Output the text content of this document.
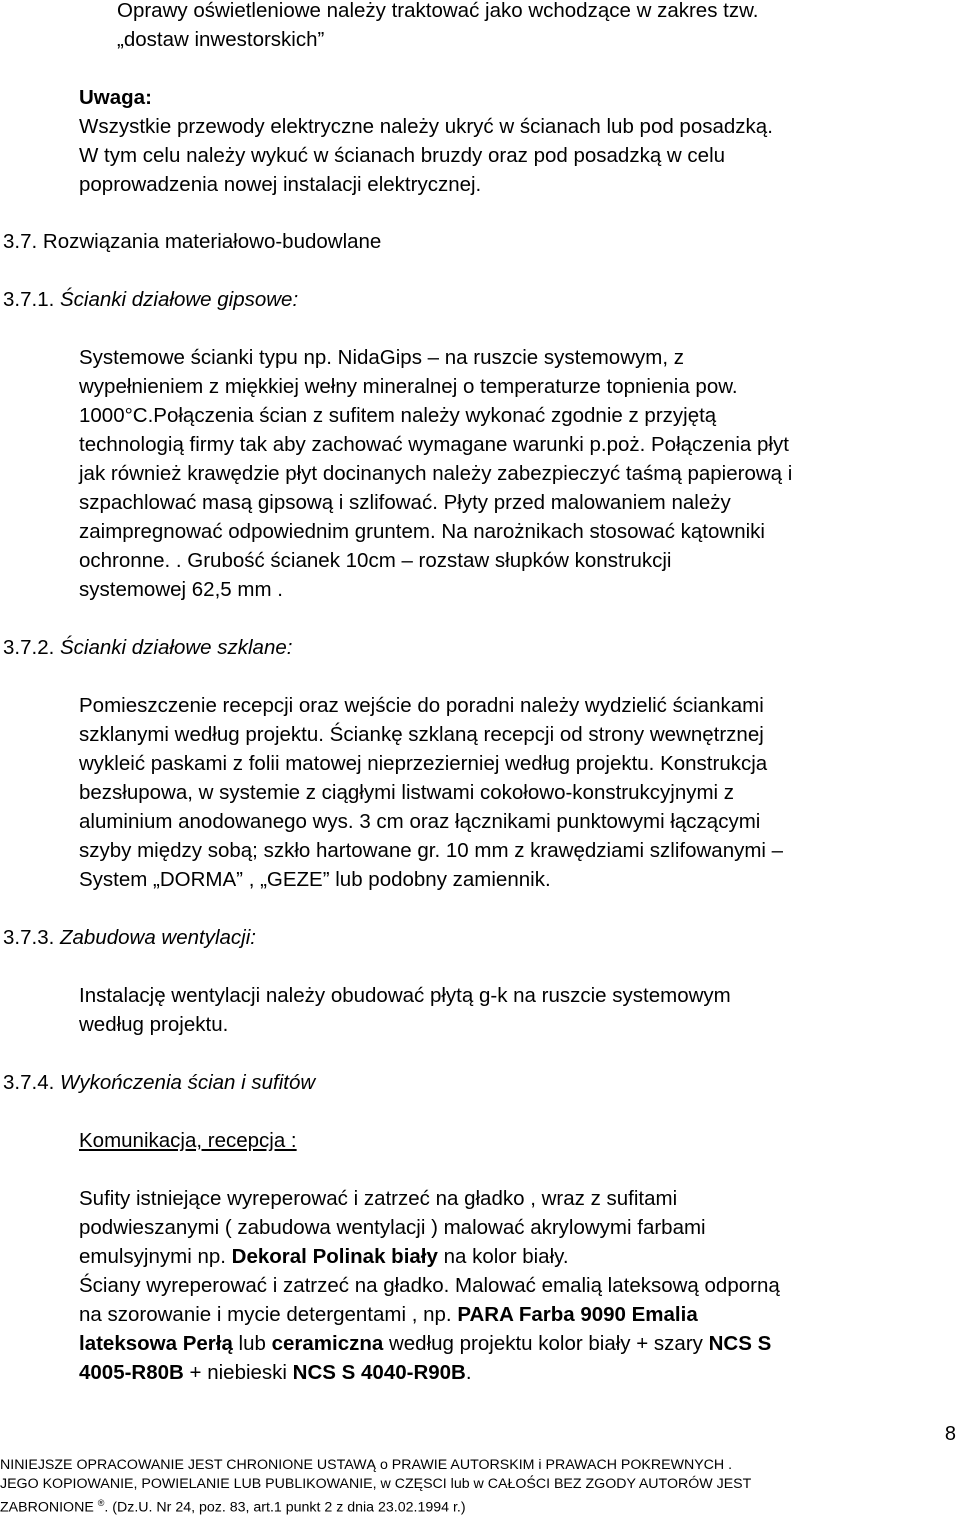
Oprawy oświetleniowe należy traktować jako wchodzące w zakres tzw.
„dostaw inwestorskich”
Uwaga:
Wszystkie przewody elektryczne należy ukryć w ścianach lub pod posadzką.
W tym celu należy wykuć w ścianach bruzdy oraz pod posadzką w celu
poprowadzenia nowej instalacji elektrycznej.
3.7. Rozwiązania materiałowo-budowlane
3.7.1. Ścianki działowe gipsowe:
Systemowe ścianki typu np. NidaGips – na ruszcie systemowym, z
wypełnieniem z miękkiej wełny mineralnej o temperaturze topnienia pow.
1000°C.Połączenia ścian z sufitem należy wykonać zgodnie z przyjętą
technologią firmy tak aby zachować wymagane warunki p.poż. Połączenia płyt
jak również krawędzie płyt docinanych należy zabezpieczyć taśmą papierową i
szpachlować masą gipsową i szlifować. Płyty przed malowaniem należy
zaimpregnować odpowiednim gruntem. Na narożnikach stosować kątowniki
ochronne. . Grubość ścianek 10cm – rozstaw słupków konstrukcji
systemowej 62,5 mm .
3.7.2. Ścianki działowe szklane:
Pomieszczenie recepcji oraz wejście do poradni należy wydzielić ściankami
szklanymi według projektu. Ściankę szklaną recepcji od strony wewnętrznej
wykleić paskami z folii matowej nieprzezierniej według projektu. Konstrukcja
bezsłupowa, w systemie z ciągłymi listwami cokołowo-konstrukcyjnymi z
aluminium anodowanego wys. 3 cm oraz łącznikami punktowymi łączącymi
szyby między sobą; szkło hartowane gr. 10 mm z krawędziami szlifowanymi –
System „DORMA” , „GEZE” lub podobny zamiennik.
3.7.3. Zabudowa wentylacji:
Instalację wentylacji należy obudować płytą g-k na ruszcie systemowym
według projektu.
3.7.4. Wykończenia ścian i sufitów
Komunikacja, recepcja :
Sufity istniejące wyreperować i zatrzeć na gładko , wraz z sufitami
podwieszanymi ( zabudowa wentylacji ) malować akrylowymi farbami
emulsyjnymi np. Dekoral Polinak biały na kolor biały.
Ściany wyreperować i zatrzeć na gładko. Malować emalią lateksową odporną
na szorowanie i mycie detergentami , np. PARA Farba 9090 Emalia
lateksowa Perłą lub ceramiczna według projektu kolor biały + szary NCS S
4005-R80B + niebieski NCS S 4040-R90B.
8
NINIEJSZE OPRACOWANIE JEST CHRONIONE USTAWĄ o PRAWIE AUTORSKIM i PRAWACH POKREWNYCH .
JEGO KOPIOWANIE, POWIELANIE LUB PUBLIKOWANIE, w CZĘSCI lub w CAŁOŚCI BEZ ZGODY AUTORÓW JEST
ZABRONIONE ®. (Dz.U. Nr 24, poz. 83, art.1 punkt 2 z dnia 23.02.1994 r.)
